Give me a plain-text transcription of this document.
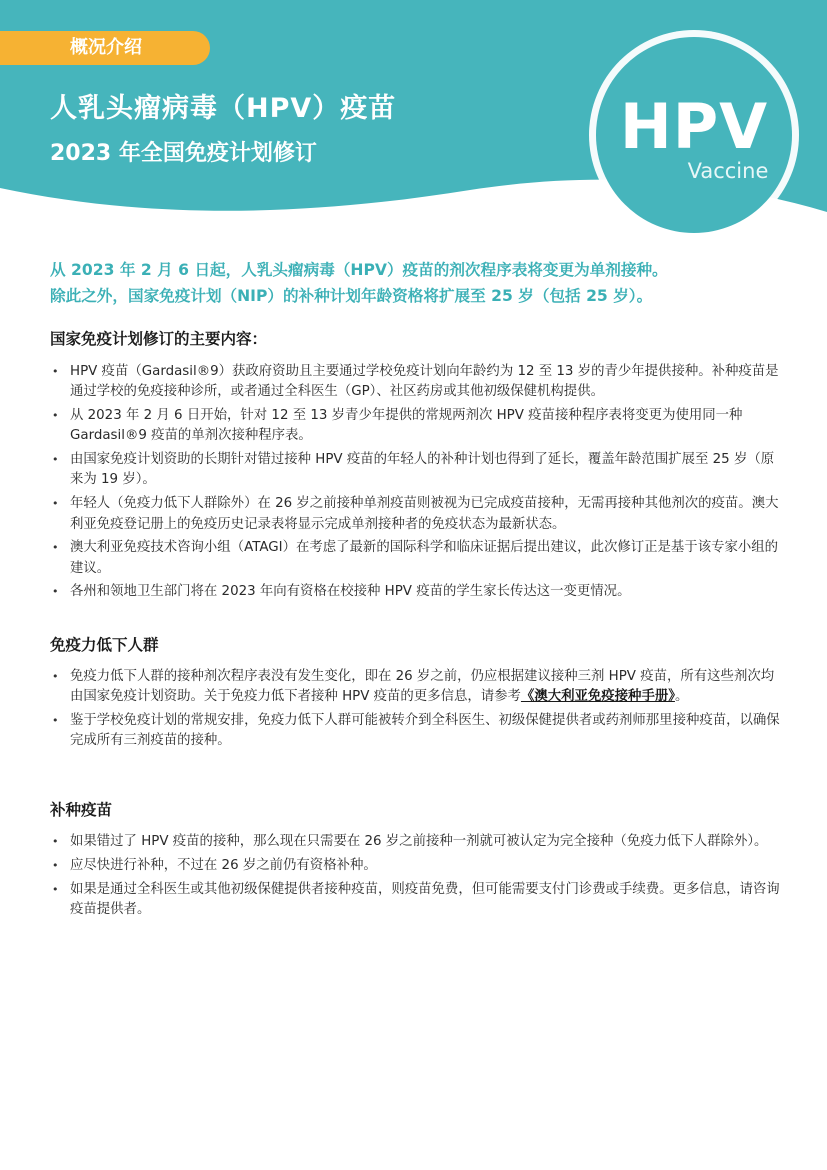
概况介绍
人乳头瘤病毒（HPV）疫苗
2023 年全国免疫计划修订	HPV
Vaccine

从 2023 年 2 月 6 日起，人乳头瘤病毒（HPV）疫苗的剂次程序表将变更为单剂接种。

除此之外，国家免疫计划（NIP）的补种计划年龄资格将扩展至 25 岁（包括 25 岁）。

国家免疫计划修订的主要内容：
• HPV 疫苗（Gardasil®9）获政府资助且主要通过学校免疫计划向年龄约为 12 至 13 岁的青少年提供接种。补种疫苗是通过学校的免疫接种诊所，或者通过全科医生（GP）、社区药房或其他初级保健机构提供。
• 从 2023 年 2 月 6 日开始，针对 12 至 13 岁青少年提供的常规两剂次 HPV 疫苗接种程序表将变更为使用同一种 Gardasil®9 疫苗的单剂次接种程序表。
• 由国家免疫计划资助的长期针对错过接种 HPV 疫苗的年轻人的补种计划也得到了延长，覆盖年龄范围扩展至 25 岁（原来为 19 岁）。
• 年轻人（免疫力低下人群除外）在 26 岁之前接种单剂疫苗则被视为已完成疫苗接种，无需再接种其他剂次的疫苗。澳大利亚免疫登记册上的免疫历史记录表将显示完成单剂接种者的免疫状态为最新状态。
• 澳大利亚免疫技术咨询小组（ATAGI）在考虑了最新的国际科学和临床证据后提出建议，此次修订正是基于该专家小组的建议。
• 各州和领地卫生部门将在 2023 年向有资格在校接种 HPV 疫苗的学生家长传达这一变更情况。
免疫力低下人群
• 免疫力低下人群的接种剂次程序表没有发生变化，即在 26 岁之前，仍应根据建议接种三剂 HPV 疫苗，所有这些剂次均由国家免疫计划资助。关于免疫力低下者接种 HPV 疫苗的更多信息，请参考《澳大利亚免疫接种手册》。
• 鉴于学校免疫计划的常规安排，免疫力低下人群可能被转介到全科医生、初级保健提供者或药剂师那里接种疫苗，以确保完成所有三剂疫苗的接种。
补种疫苗
• 如果错过了 HPV 疫苗的接种，那么现在只需要在 26 岁之前接种一剂就可被认定为完全接种（免疫力低下人群除外）。
• 应尽快进行补种，不过在 26 岁之前仍有资格补种。
• 如果是通过全科医生或其他初级保健提供者接种疫苗，则疫苗免费，但可能需要支付门诊费或手续费。更多信息，请咨询疫苗提供者。
